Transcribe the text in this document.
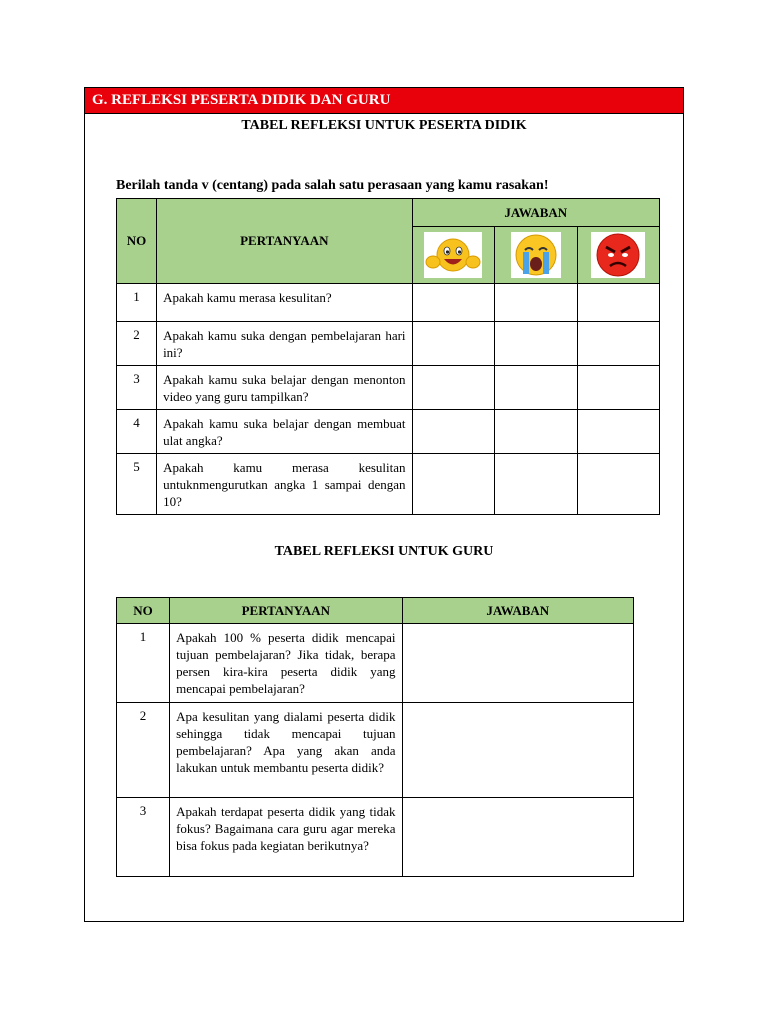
G. REFLEKSI PESERTA DIDIK DAN GURU
TABEL REFLEKSI UNTUK PESERTA DIDIK
Berilah tanda v (centang) pada salah satu perasaan yang kamu rasakan!
NO	PERTANYAAN	JAWABAN		

1	Apakah kamu merasa kesulitan?			
2	Apakah kamu suka dengan pembelajaran hari ini?			
3	Apakah kamu suka belajar dengan menonton video yang guru tampilkan?			
4	Apakah kamu suka belajar dengan membuat ulat angka?			
5	Apakah kamu merasa kesulitan untuknmengurutkan angka 1 sampai dengan 10?			
TABEL REFLEKSI UNTUK GURU
NO	PERTANYAAN	JAWABAN
1	Apakah 100 % peserta didik mencapai tujuan pembelajaran? Jika tidak, berapa persen kira-kira peserta didik yang mencapai pembelajaran?	
2	Apa kesulitan yang dialami peserta didik sehingga tidak mencapai tujuan pembelajaran? Apa yang akan anda lakukan untuk membantu peserta didik?	
3	Apakah terdapat peserta didik yang tidak fokus? Bagaimana cara guru agar mereka bisa fokus pada kegiatan berikutnya?	
